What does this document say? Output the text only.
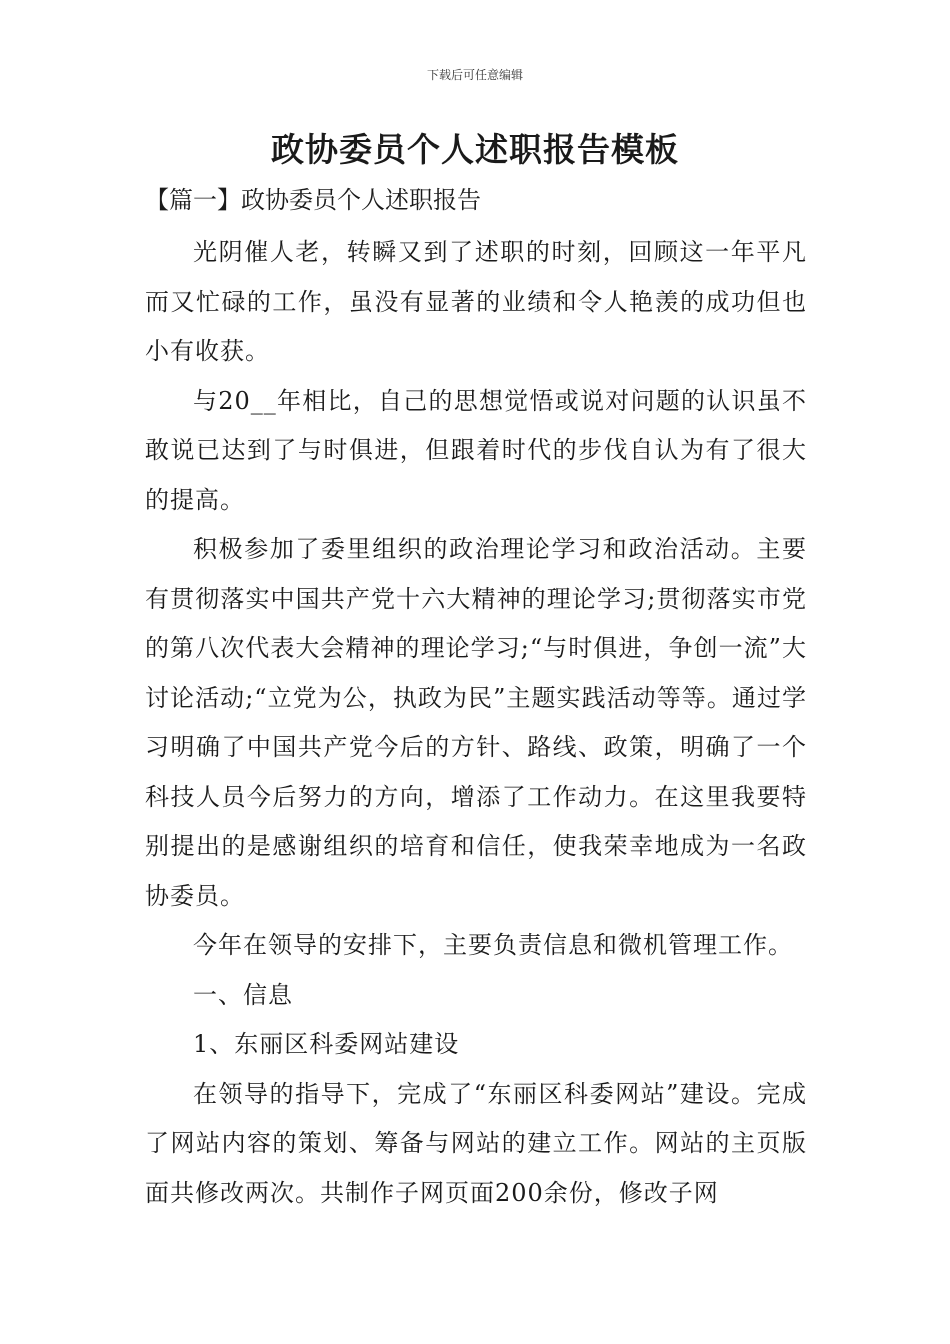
下载后可任意编辑
政协委员个人述职报告模板
【篇一】政协委员个人述职报告

光阴催人老，转瞬又到了述职的时刻，回顾这一年平凡而又忙碌的工作，虽没有显著的业绩和令人艳羡的成功但也小有收获。

与20__年相比，自己的思想觉悟或说对问题的认识虽不敢说已达到了与时俱进，但跟着时代的步伐自认为有了很大的提高。

积极参加了委里组织的政治理论学习和政治活动。主要有贯彻落实中国共产党十六大精神的理论学习;贯彻落实市党的第八次代表大会精神的理论学习;“与时俱进，争创一流”大讨论活动;“立党为公，执政为民”主题实践活动等等。通过学习明确了中国共产党今后的方针、路线、政策，明确了一个科技人员今后努力的方向，增添了工作动力。在这里我要特别提出的是感谢组织的培育和信任，使我荣幸地成为一名政协委员。

今年在领导的安排下，主要负责信息和微机管理工作。

一、信息

1、东丽区科委网站建设

在领导的指导下，完成了“东丽区科委网站”建设。完成了网站内容的策划、筹备与网站的建立工作。网站的主页版面共修改两次。共制作子网页面200余份，修改子网
